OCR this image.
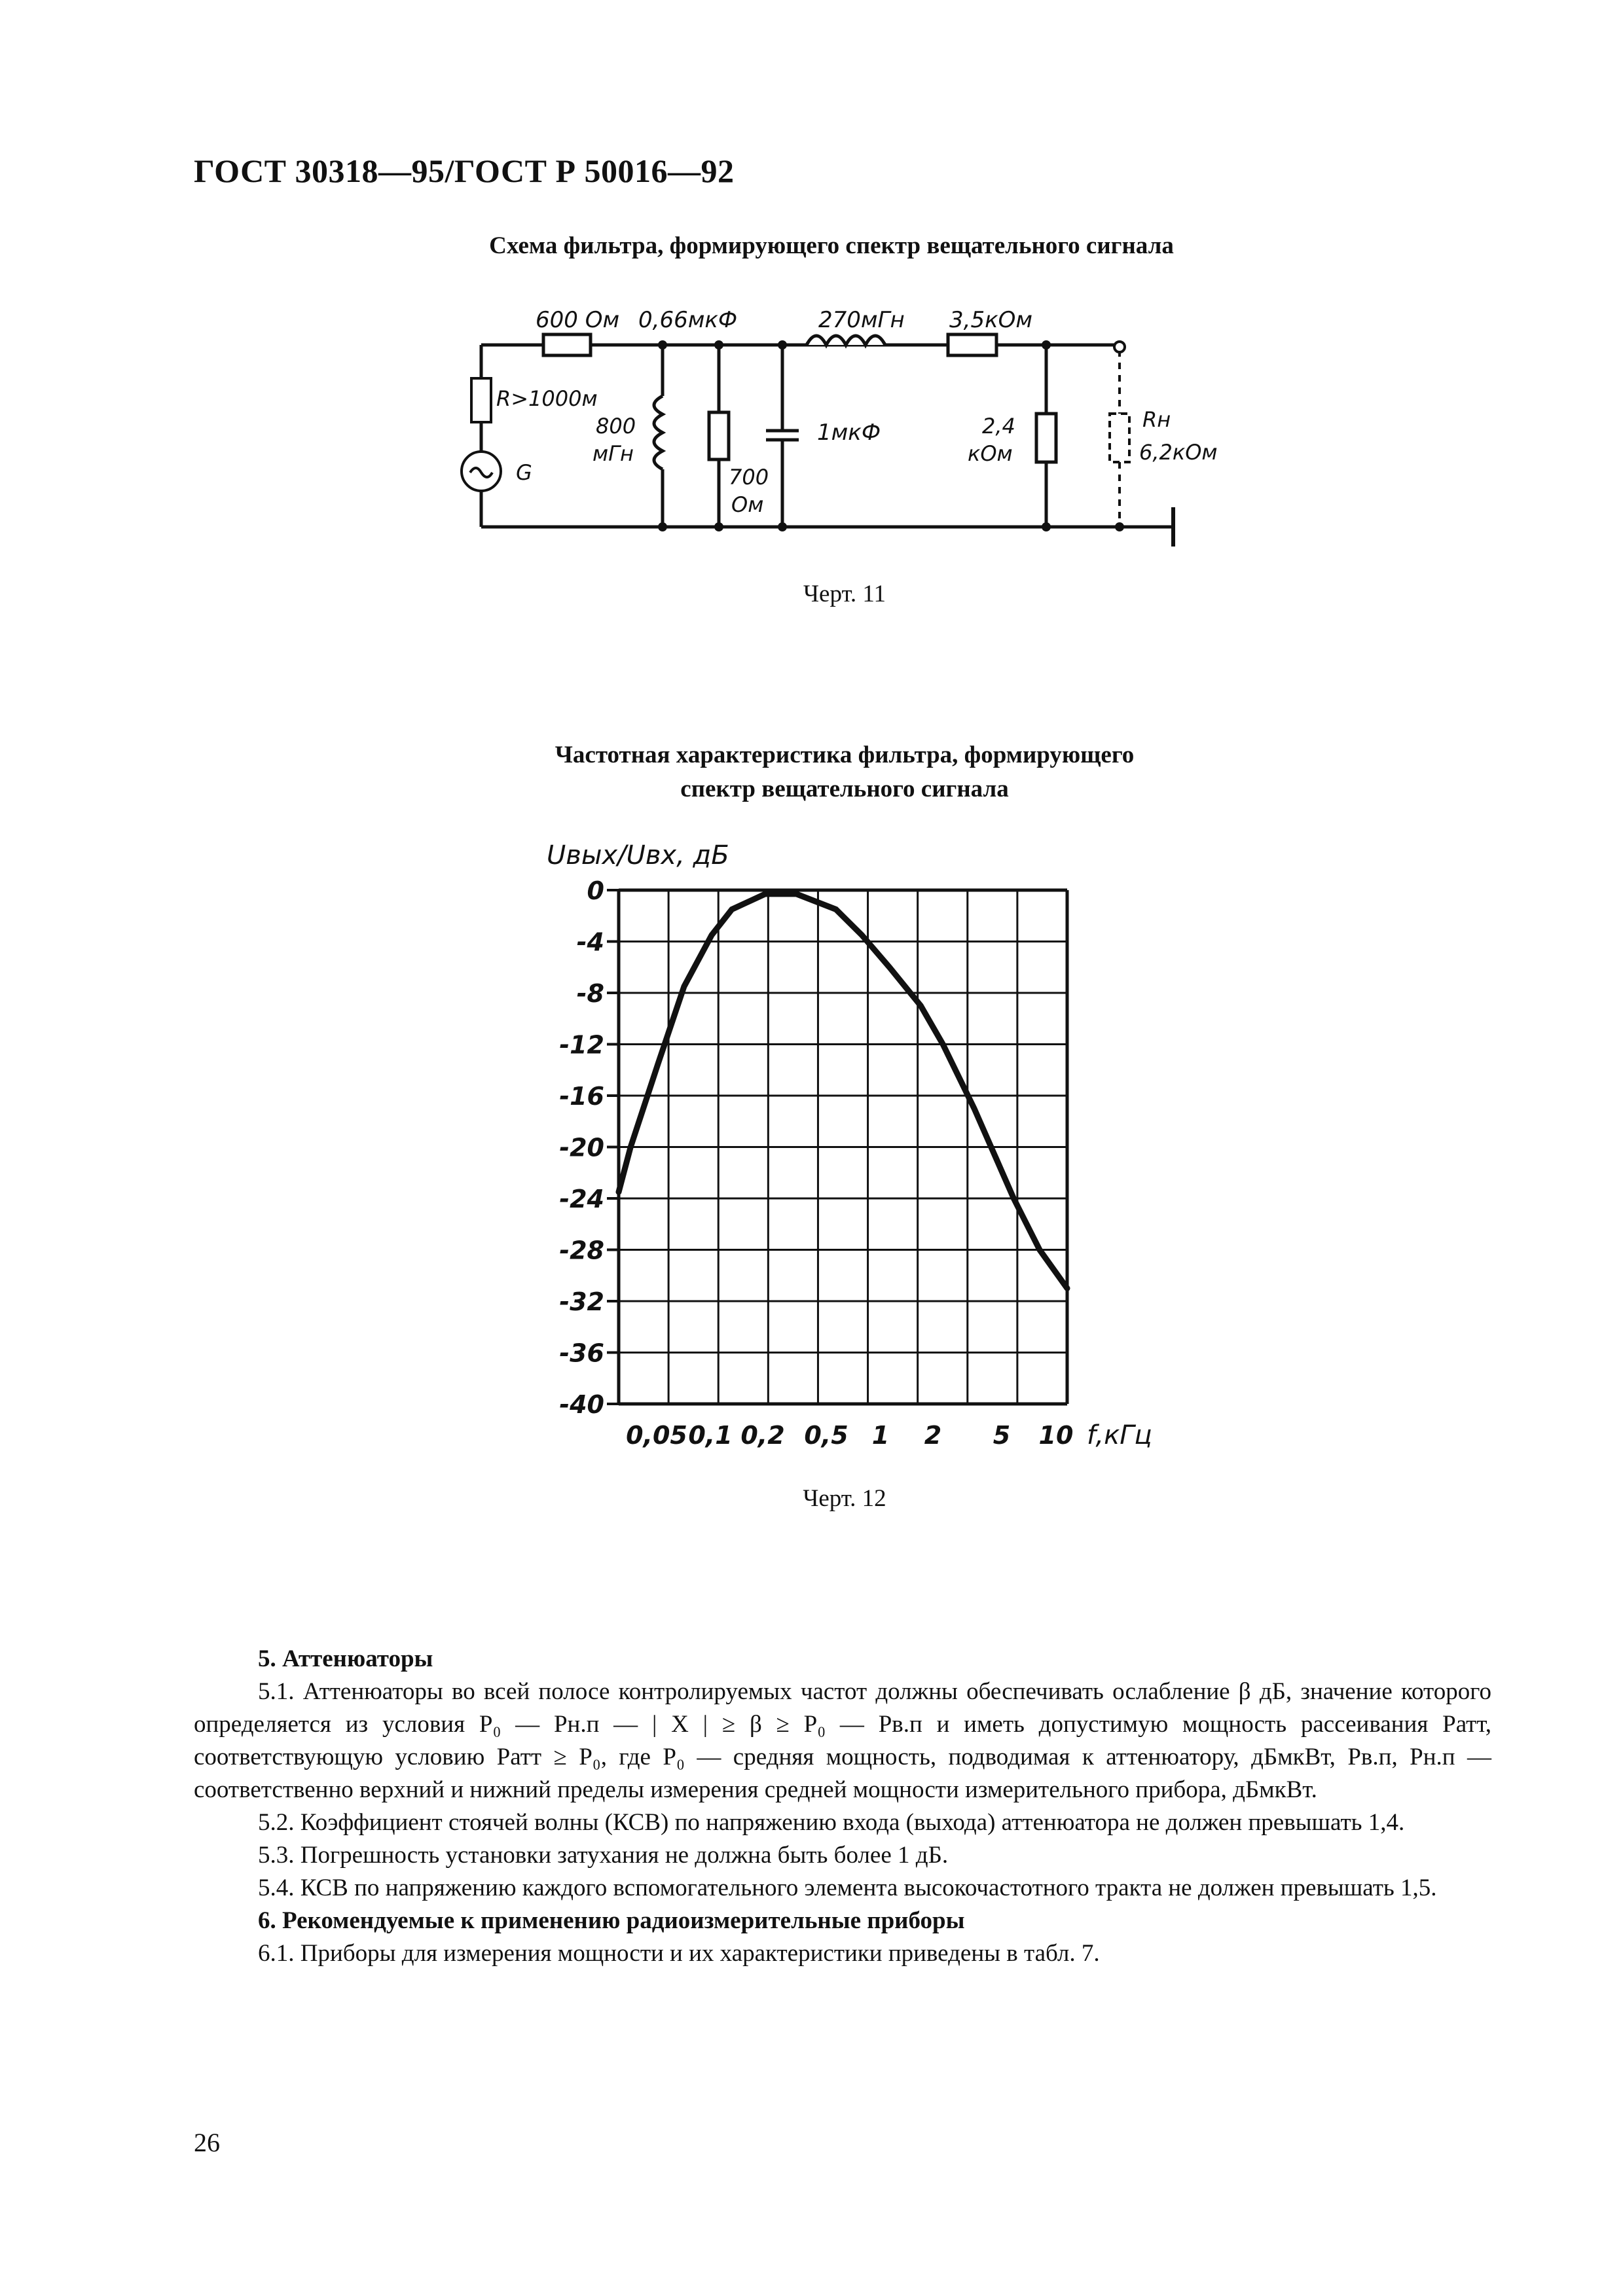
ГОСТ 30318—95/ГОСТ Р 50016—92
Схема фильтра, формирующего спектр вещательного сигнала
600 Ом 0,66мкФ	270мГн 3,5кОм
R>1000м
800
мГн
700
Ом
1мкФ	2,4
кОм
Rн
6,2кОм
G
Черт. 11
Частотная характеристика фильтра, формирующего
спектр вещательного сигнала
Uвых/Uвх, дБ
f,кГц
0
-4
-8
-12
-16
-20
-24
-28
-32
-36
-40
0,05 0,1 0,2 0,5 1 2 5 10
Черт. 12

5. Аттенюаторы

5.1. Аттенюаторы во всей полосе контролируемых частот должны обеспечивать ослабление β дБ, значение которого определяется из условия P₀ — Pн.п — | X | ≥ β ≥ P₀ — Pв.п и иметь допустимую мощность рассеивания Pатт, соответствующую условию Pатт ≥ P₀, где P₀ — средняя мощность, подводимая к аттенюатору, дБмкВт, Pв.п, Pн.п — соответственно верхний и нижний пределы измерения средней мощности измерительного прибора, дБмкВт.

5.2. Коэффициент стоячей волны (КСВ) по напряжению входа (выхода) аттенюатора не должен превышать 1,4.

5.3. Погрешность установки затухания не должна быть более 1 дБ.

5.4. КСВ по напряжению каждого вспомогательного элемента высокочастотного тракта не должен превышать 1,5.

6. Рекомендуемые к применению радиоизмерительные приборы

6.1. Приборы для измерения мощности и их характеристики приведены в табл. 7.

26
